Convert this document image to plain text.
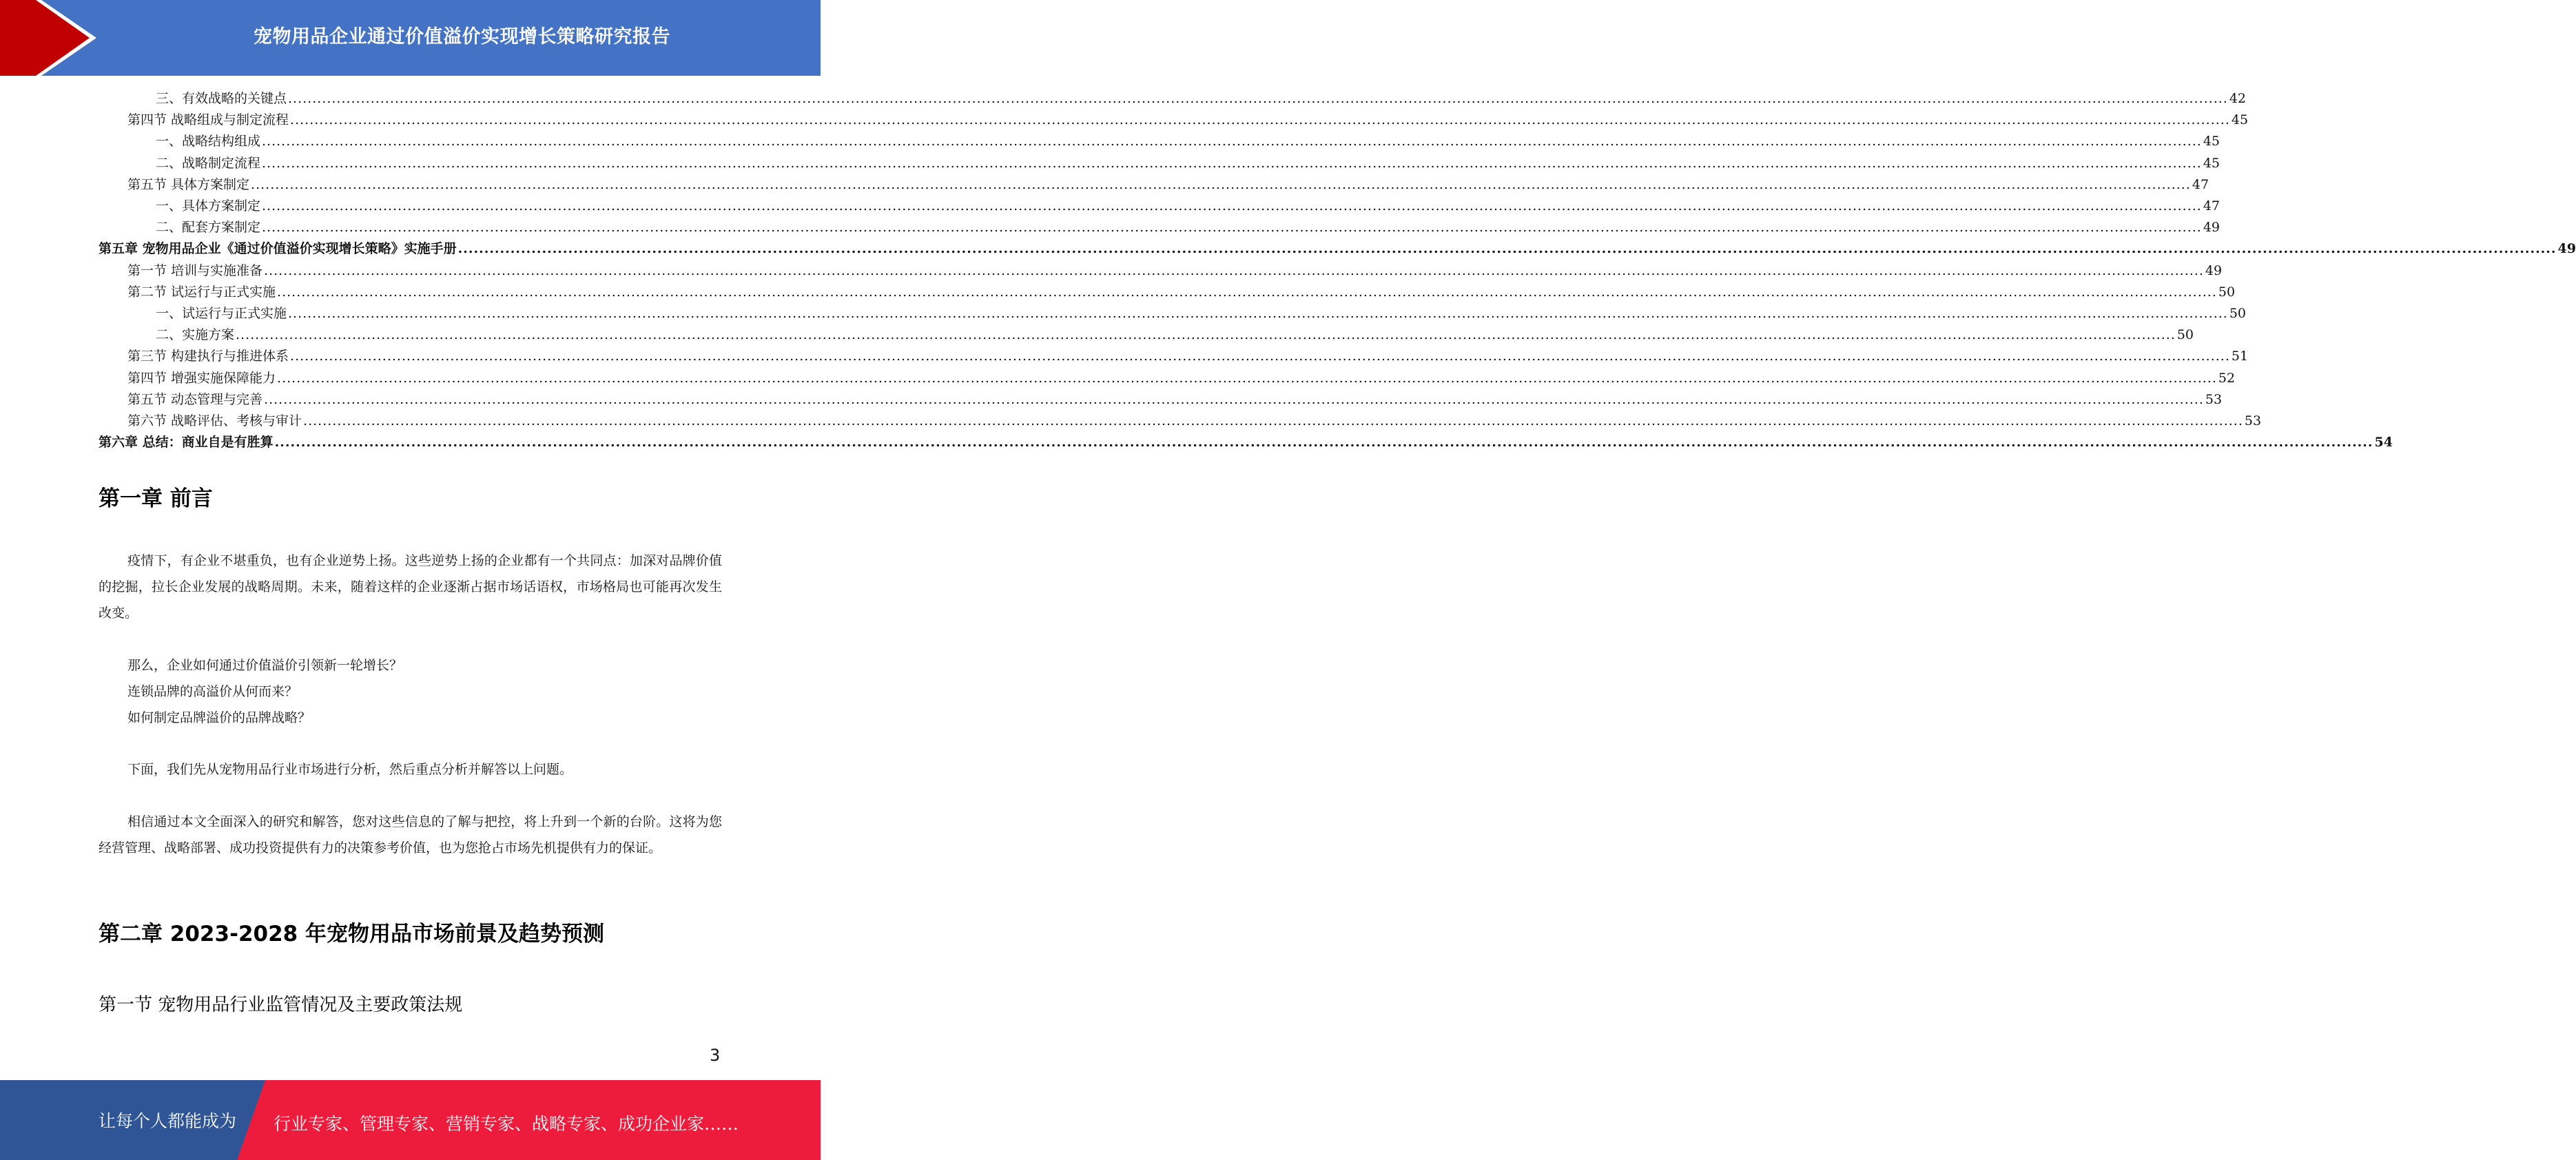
宠物用品企业通过价值溢价实现增长策略研究报告
三、有效战略的关键点 ................................................................................................................................................................................................................................................................................................................................................................................................................ 42
第四节 战略组成与制定流程 ................................................................................................................................................................................................................................................................................................................................................................................................................ 45
一、战略结构组成 ................................................................................................................................................................................................................................................................................................................................................................................................................ 45
二、战略制定流程 ................................................................................................................................................................................................................................................................................................................................................................................................................ 45
第五节 具体方案制定 ................................................................................................................................................................................................................................................................................................................................................................................................................ 47
一、具体方案制定 ................................................................................................................................................................................................................................................................................................................................................................................................................ 47
二、配套方案制定 ................................................................................................................................................................................................................................................................................................................................................................................................................ 49
第五章 宠物用品企业《通过价值溢价实现增长策略》实施手册 ................................................................................................................................................................................................................................................................................................................................................................................................................ 49
第一节 培训与实施准备 ................................................................................................................................................................................................................................................................................................................................................................................................................ 49
第二节 试运行与正式实施 ................................................................................................................................................................................................................................................................................................................................................................................................................ 50
一、试运行与正式实施 ................................................................................................................................................................................................................................................................................................................................................................................................................ 50
二、实施方案 ................................................................................................................................................................................................................................................................................................................................................................................................................ 50
第三节 构建执行与推进体系 ................................................................................................................................................................................................................................................................................................................................................................................................................ 51
第四节 增强实施保障能力 ................................................................................................................................................................................................................................................................................................................................................................................................................ 52
第五节 动态管理与完善 ................................................................................................................................................................................................................................................................................................................................................................................................................ 53
第六节 战略评估、考核与审计 ................................................................................................................................................................................................................................................................................................................................................................................................................ 53
第六章 总结：商业自是有胜算 ................................................................................................................................................................................................................................................................................................................................................................................................................ 54
第一章 前言
疫情下，有企业不堪重负，也有企业逆势上扬。这些逆势上扬的企业都有一个共同点：加深对品牌价值的挖掘，拉长企业发展的战略周期。未来，随着这样的企业逐渐占据市场话语权，市场格局也可能再次发生改变。
那么，企业如何通过价值溢价引领新一轮增长？
连锁品牌的高溢价从何而来？
如何制定品牌溢价的品牌战略？
下面，我们先从宠物用品行业市场进行分析，然后重点分析并解答以上问题。
相信通过本文全面深入的研究和解答，您对这些信息的了解与把控，将上升到一个新的台阶。这将为您经营管理、战略部署、成功投资提供有力的决策参考价值，也为您抢占市场先机提供有力的保证。
第二章 2023-2028 年宠物用品市场前景及趋势预测
第一节 宠物用品行业监管情况及主要政策法规
3
让每个人都能成为 行业专家、管理专家、营销专家、战略专家、成功企业家……
